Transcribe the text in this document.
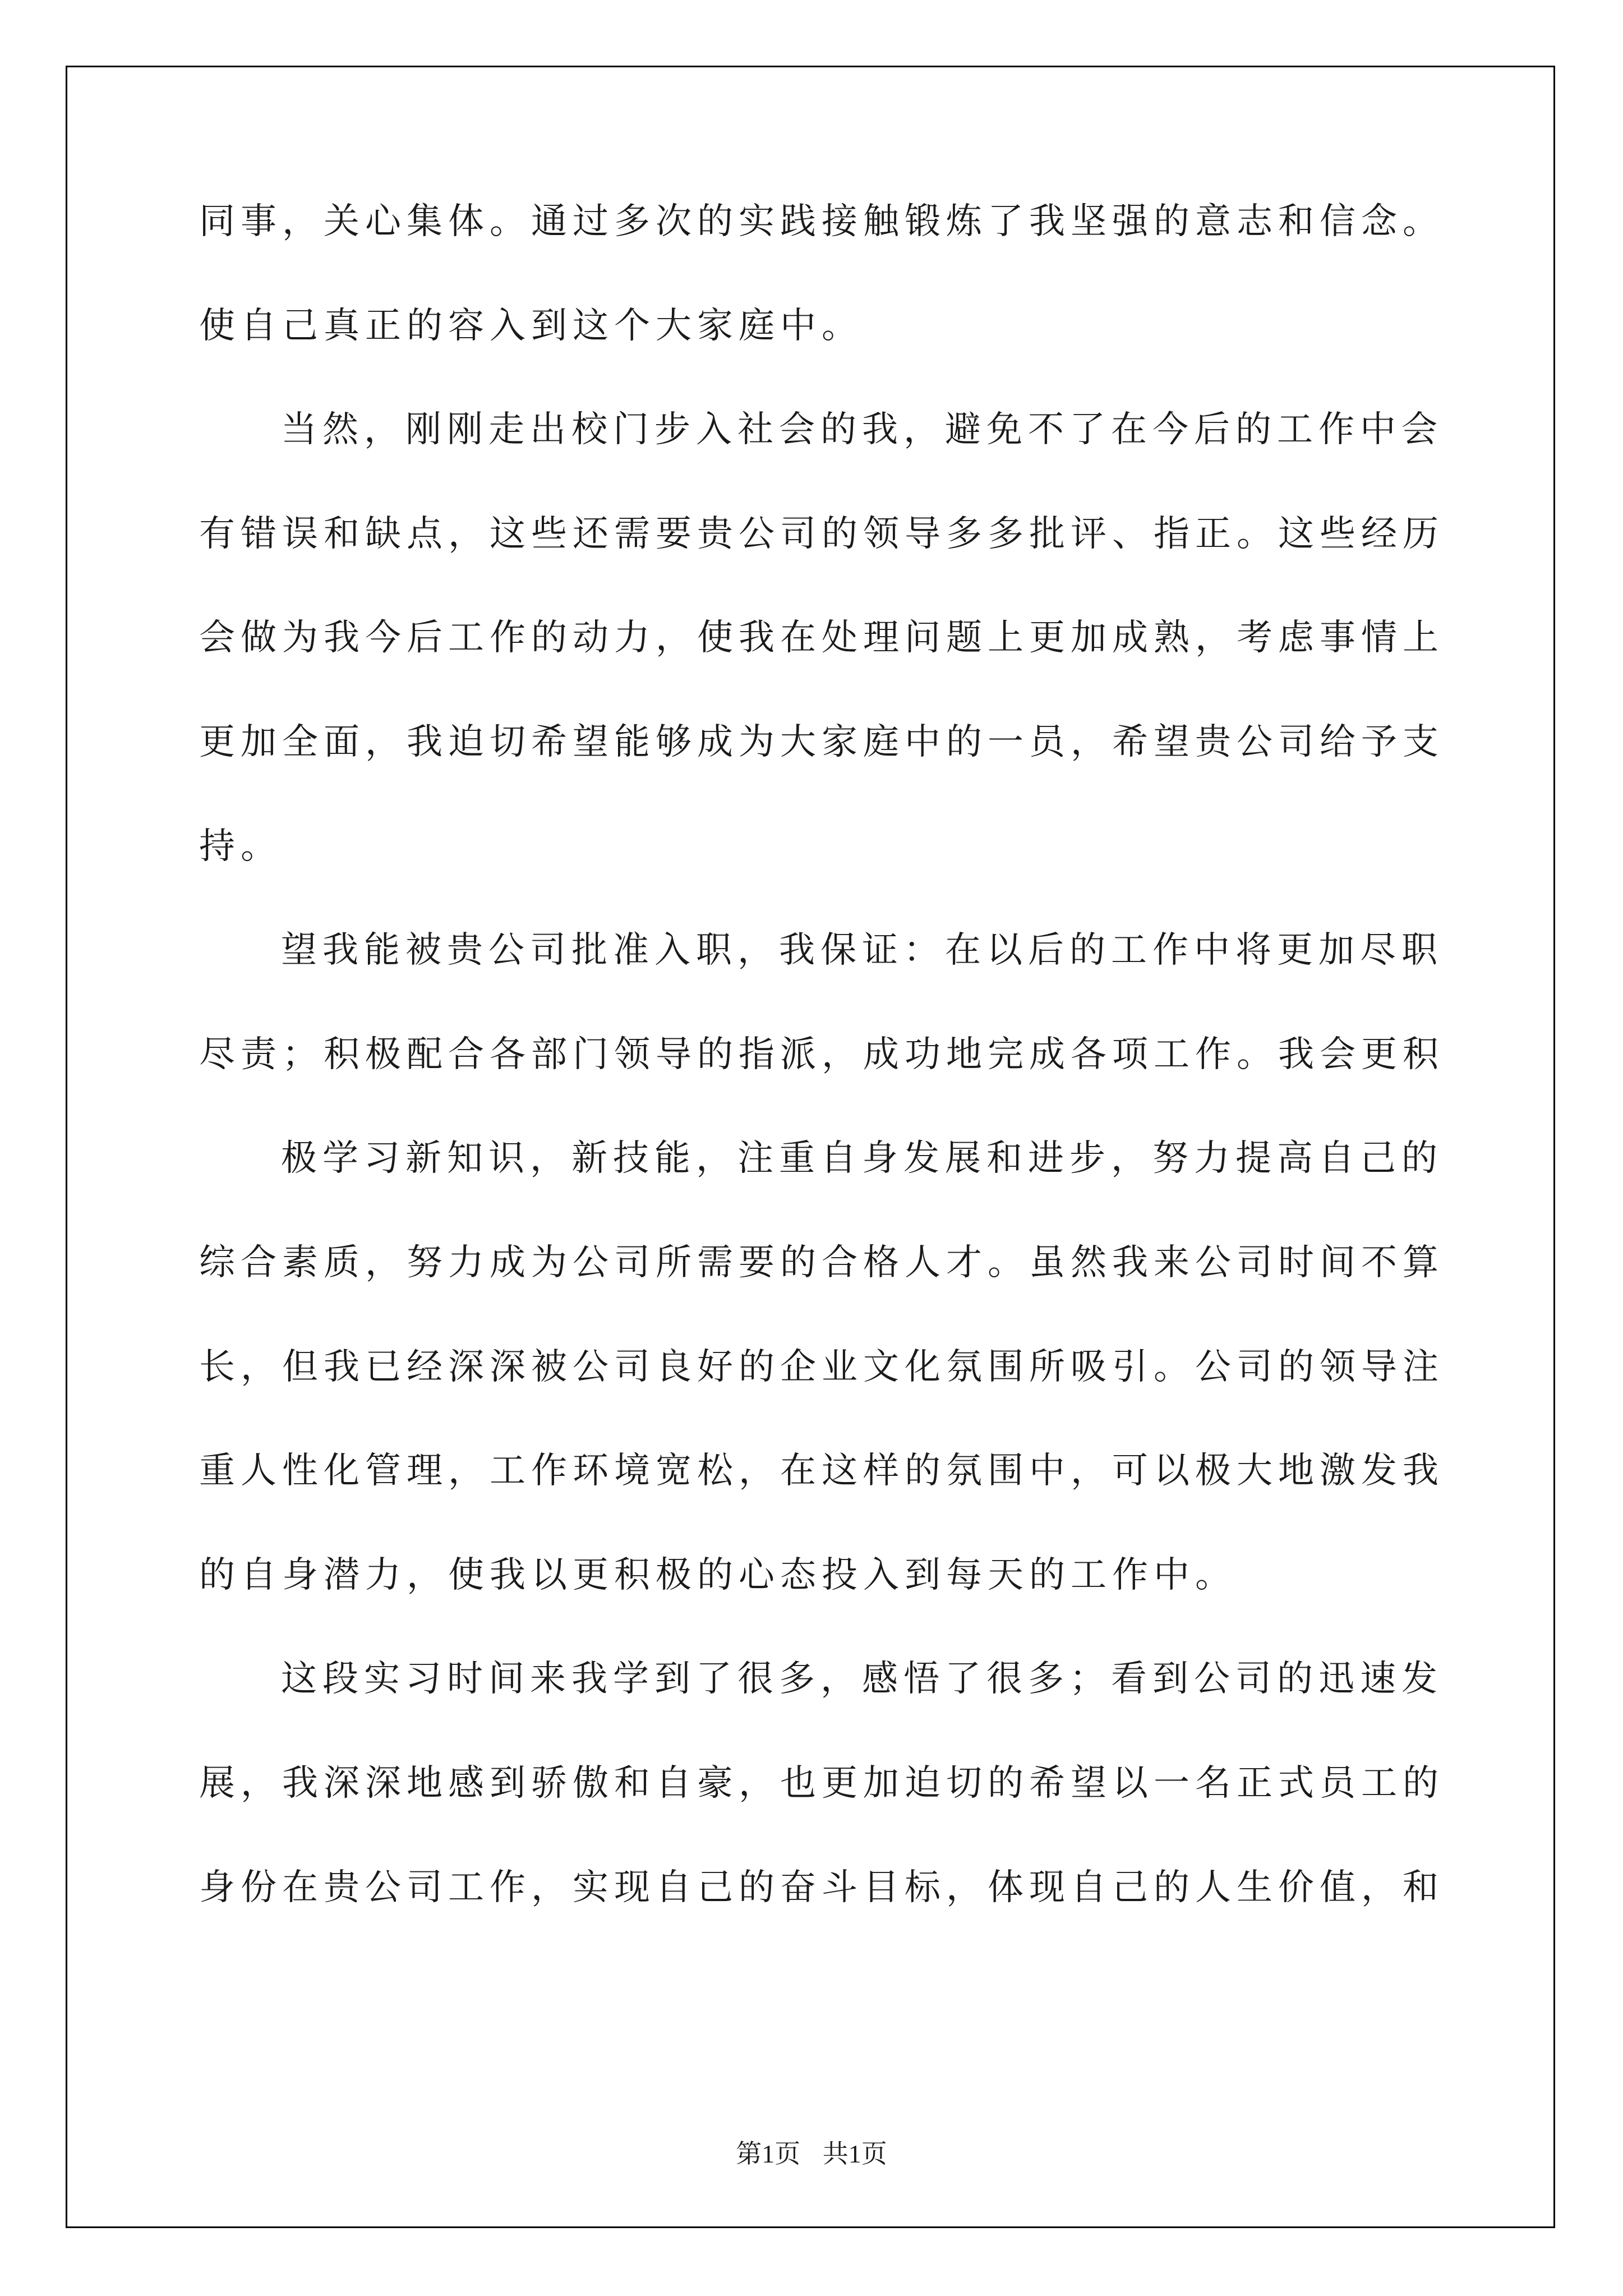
同事，关心集体。通过多次的实践接触锻炼了我坚强的意志和信念。
使自己真正的容入到这个大家庭中。
当然，刚刚走出校门步入社会的我，避免不了在今后的工作中会
有错误和缺点，这些还需要贵公司的领导多多批评、指正。这些经历
会做为我今后工作的动力，使我在处理问题上更加成熟，考虑事情上
更加全面，我迫切希望能够成为大家庭中的一员，希望贵公司给予支
持。
望我能被贵公司批准入职，我保证：在以后的工作中将更加尽职
尽责；积极配合各部门领导的指派，成功地完成各项工作。我会更积
极学习新知识，新技能，注重自身发展和进步，努力提高自己的
综合素质，努力成为公司所需要的合格人才。虽然我来公司时间不算
长，但我已经深深被公司良好的企业文化氛围所吸引。公司的领导注
重人性化管理，工作环境宽松，在这样的氛围中，可以极大地激发我
的自身潜力，使我以更积极的心态投入到每天的工作中。
这段实习时间来我学到了很多，感悟了很多；看到公司的迅速发
展，我深深地感到骄傲和自豪，也更加迫切的希望以一名正式员工的
身份在贵公司工作，实现自己的奋斗目标，体现自己的人生价值，和
第1页 共1页
